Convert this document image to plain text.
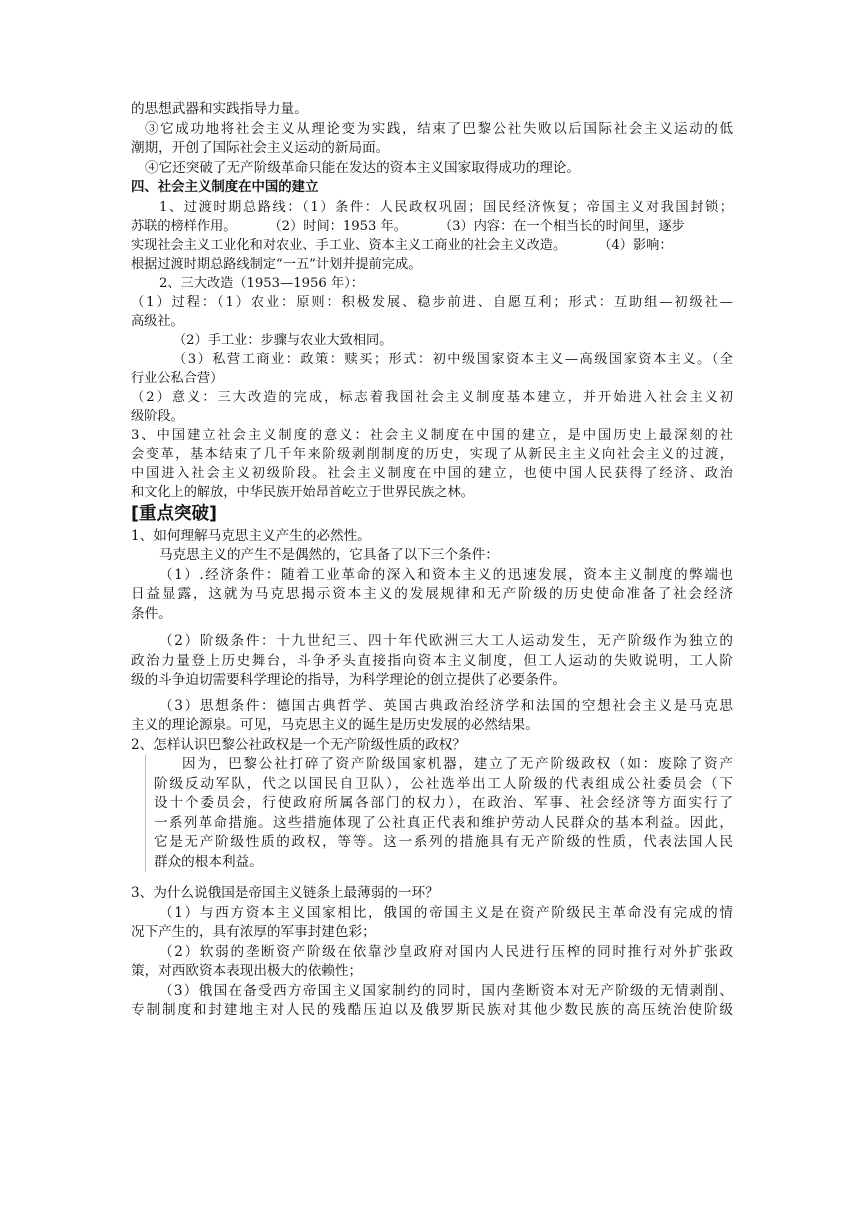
的思想武器和实践指导力量。

③它成功地将社会主义从理论变为实践，结束了巴黎公社失败以后国际社会主义运动的低

潮期，开创了国际社会主义运动的新局面。

④它还突破了无产阶级革命只能在发达的资本主义国家取得成功的理论。

四、社会主义制度在中国的建立

1、过渡时期总路线：（1）条件：人民政权巩固；国民经济恢复；帝国主义对我国封锁；

苏联的榜样作用。 （2）时间：1953 年。 （3）内容：在一个相当长的时间里，逐步

实现社会主义工业化和对农业、手工业、资本主义工商业的社会主义改造。 （4）影响：

根据过渡时期总路线制定“一五”计划并提前完成。

2、三大改造（1953—1956 年）：

（1）过程：（1）农业：原则：积极发展、稳步前进、自愿互利；形式：互助组—初级社—

高级社。

（2）手工业：步骤与农业大致相同。

（3）私营工商业：政策：赎买；形式：初中级国家资本主义—高级国家资本主义。（全

行业公私合营）

（2）意义：三大改造的完成，标志着我国社会主义制度基本建立，并开始进入社会主义初

级阶段。

3、中国建立社会主义制度的意义：社会主义制度在中国的建立，是中国历史上最深刻的社

会变革，基本结束了几千年来阶级剥削制度的历史，实现了从新民主主义向社会主义的过渡，

中国进入社会主义初级阶段。社会主义制度在中国的建立，也使中国人民获得了经济、政治

和文化上的解放，中华民族开始昂首屹立于世界民族之林。

[重点突破]

1、如何理解马克思主义产生的必然性。

马克思主义的产生不是偶然的，它具备了以下三个条件：

（1）.经济条件：随着工业革命的深入和资本主义的迅速发展，资本主义制度的弊端也

日益显露，这就为马克思揭示资本主义的发展规律和无产阶级的历史使命准备了社会经济

条件。

（2）阶级条件：十九世纪三、四十年代欧洲三大工人运动发生，无产阶级作为独立的

政治力量登上历史舞台，斗争矛头直接指向资本主义制度，但工人运动的失败说明，工人阶

级的斗争迫切需要科学理论的指导，为科学理论的创立提供了必要条件。

（3）思想条件：德国古典哲学、英国古典政治经济学和法国的空想社会主义是马克思

主义的理论源泉。可见，马克思主义的诞生是历史发展的必然结果。

2、怎样认识巴黎公社政权是一个无产阶级性质的政权？

因为，巴黎公社打碎了资产阶级国家机器，建立了无产阶级政权（如：废除了资产

阶级反动军队，代之以国民自卫队），公社选举出工人阶级的代表组成公社委员会（下

设十个委员会，行使政府所属各部门的权力），在政治、军事、社会经济等方面实行了

一系列革命措施。这些措施体现了公社真正代表和维护劳动人民群众的基本利益。因此，

它是无产阶级性质的政权，等等。这一系列的措施具有无产阶级的性质，代表法国人民

群众的根本利益。

3、为什么说俄国是帝国主义链条上最薄弱的一环？

（1）与西方资本主义国家相比，俄国的帝国主义是在资产阶级民主革命没有完成的情

况下产生的，具有浓厚的军事封建色彩；

（2）软弱的垄断资产阶级在依靠沙皇政府对国内人民进行压榨的同时推行对外扩张政

策，对西欧资本表现出极大的依赖性；

（3）俄国在备受西方帝国主义国家制约的同时，国内垄断资本对无产阶级的无情剥削、

专制制度和封建地主对人民的残酷压迫以及俄罗斯民族对其他少数民族的高压统治使阶级
